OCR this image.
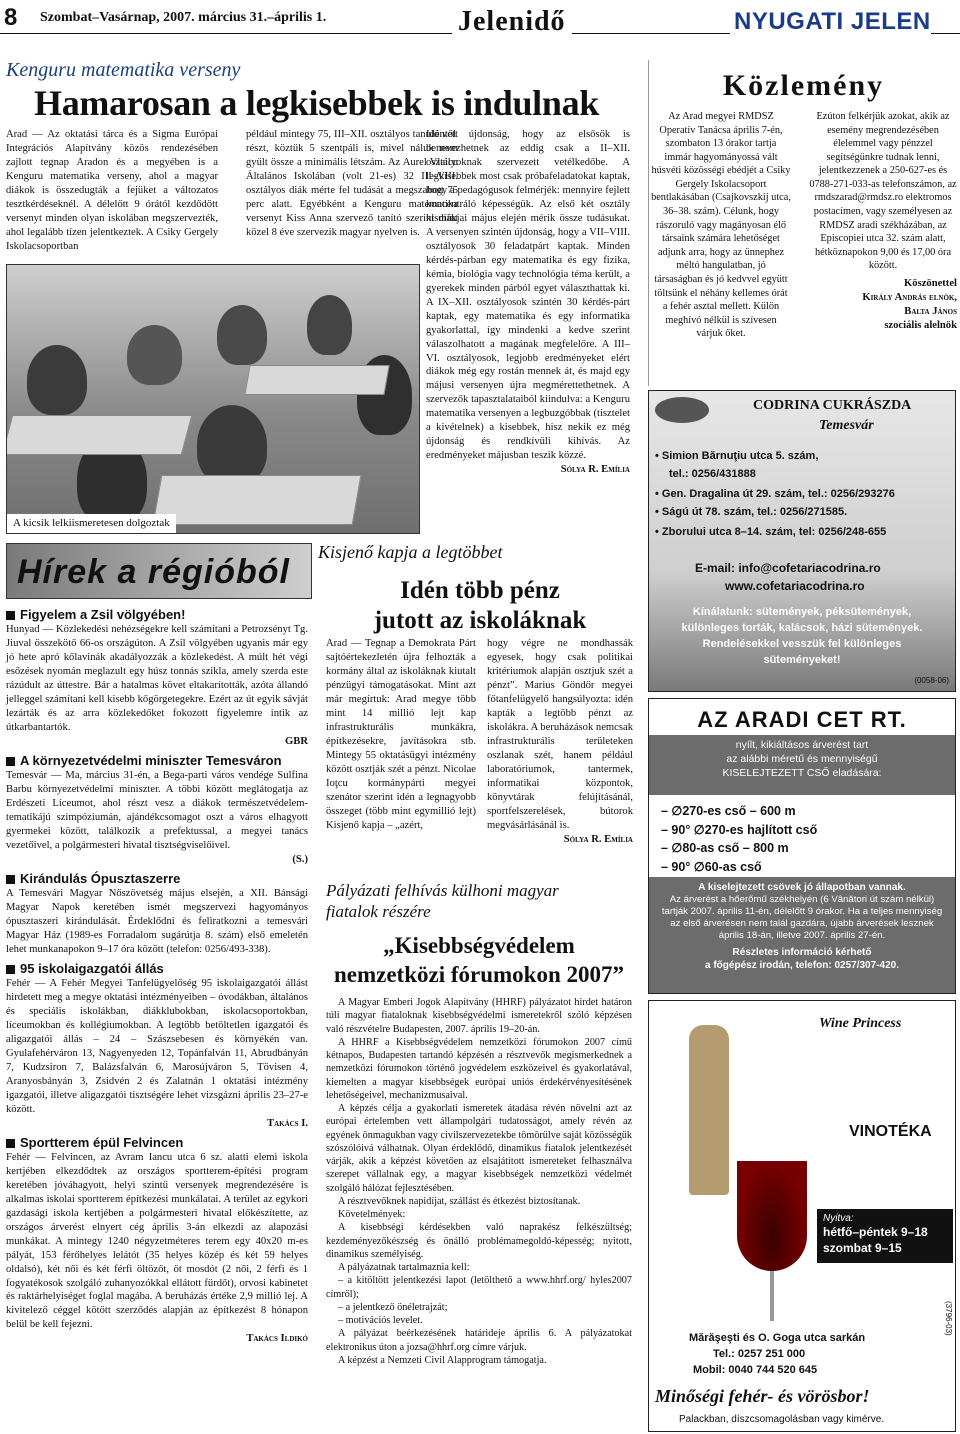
8 Szombat–Vasárnap, 2007. március 31.–április 1.	Jelenidő	NYUGATI JELEN
Kenguru matematika verseny
Hamarosan a legkisebbek is indulnak

Arad — Az oktatási tárca és a Sigma Európai Integrációs Alapítvány közös rendezésében zajlott tegnap Aradon és a megyében is a Kenguru matematika verseny, ahol a magyar diákok is összedugták a fejüket a változatos tesztkérdéseknél. A délelőtt 9 órától kezdődött versenyt minden olyan iskolában megszervezték, ahol legalább tízen jelentkeztek. A Csiky Gergely Iskolacsoportban

például mintegy 75, III–XII. osztályos tanuló vett részt, köztük 5 szentpáli is, mivel náluk nem gyűlt össze a minimális létszám. Az Aurel Vlaicu Általános Iskolában (volt 21-es) 32 III–VIII. osztályos diák mérte fel tudását a megszabott 75 perc alatt. Egyébként a Kenguru matematika versenyt Kiss Anna szervező tanító szerint mint közel 8 éve szervezik magyar nyelven is.

Idéntől újdonság, hogy az elsősök is benevezhetnek az eddig csak a II–XII. osztályoknak szervezett vetélkedőbe. A legkisebbek most csak próbafeladatokat kaptak, hogy a pedagógusok felmérjék: mennyire fejlett koncentráló képességük. Az első két osztály kisdiákjai május elején mérik össze tudásukat. A versenyen szintén újdonság, hogy a VII–VIII. osztályosok 30 feladatpárt kaptak. Minden kérdés-párban egy matematika és egy fizika, kémia, biológia vagy technológia téma került, a gyerekek minden párból egyet választhattak ki. A IX–XII. osztályosok szintén 30 kérdés-párt kaptak, egy matematika és egy informatika gyakorlattal, így mindenki a kedve szerint válaszolhatott a magának megfelelőre. A III–VI. osztályosok, legjobb eredményeket elért diákok még egy rostán mennek át, és majd egy májusi versenyen újra megmérettethetnek. A szervezők tapasztalataiból kiindulva: a Kenguru matematika versenyen a legbuzgóbbak (tisztelet a kivételnek) a kisebbek, hisz nekik ez még újdonság és rendkívüli kihívás. Az eredményeket májusban teszik közzé.

Sólya R. Emília
A kicsik lelkiismeretesen dolgoztak
Közlemény

Az Arad megyei RMDSZ Operatív Tanácsa április 7-én, szombaton 13 órakor tartja immár hagyományossá vált húsvéti közösségi ebédjét a Csiky Gergely Iskolacsoport bentlakásában (Csajkovszkij utca, 36–38. szám). Célunk, hogy rászoruló vagy magányosan élő társaink számára lehetőséget adjunk arra, hogy az ünnephez méltó hangulatban, jó társaságban és jó kedvvel együtt töltsünk el néhány kellemes órát a fehér asztal mellett. Külön meghívó nélkül is szívesen várjuk őket.

Ezúton felkérjük azokat, akik az esemény megrendezésében élelemmel vagy pénzzel segítségünkre tudnak lenni, jelentkezzenek a 250-627-es és 0788-271-033-as telefonszámon, az rmdszarad@rmdsz.ro elektromos postacímen, vagy személyesen az RMDSZ aradi székházában, az Episcopiei utca 32. szám alatt, hétköznapokon 9,00 és 17,00 óra között.

Köszönettel
Király András elnök,
Balta János
szociális alelnök
Hírek a régióból
Figyelem a Zsil völgyében!

Hunyad — Közlekedési nehézségekre kell számítani a Petrozsényt Tg. Jiuval összekötő 66-os országúton. A Zsil völgyében ugyanis már egy jó hete apró kőlavinák akadályozzák a közlekedést. A múlt hét végi esőzések nyomán meglazult egy húsz tonnás szikla, amely szerda este rázúdult az úttestre. Bár a hatalmas követ eltakarították, azóta állandó jelleggel számítani kell kisebb kőgörgetegekre. Ezért az út egyik sávját lezárták és az arra közlekedőket fokozott figyelemre intik az útkarbantartók.

GBR
A környezetvédelmi miniszter Temesváron

Temesvár — Ma, március 31-én, a Bega-parti város vendége Sulfina Barbu környezetvédelmi miniszter. A többi között meglátogatja az Erdészeti Líceumot, ahol részt vesz a diákok természetvédelem-tematikájú szimpóziumán, ajándékcsomagot oszt a város elhagyott gyermekei között, találkozik a prefektussal, a megyei tanács vezetőivel, a polgármesteri hivatal tisztségviselőivel.

(S.)
Kirándulás Ópusztaszerre

A Temesvári Magyar Nőszövetség május elsején, a XII. Bánsági Magyar Napok keretében ismét megszervezi hagyományos ópusztaszeri kirándulását. Érdeklődni és feliratkozni a temesvári Magyar Ház (1989-es Forradalom sugárútja 8. szám) első emeletén lehet munkanapokon 9–17 óra között (telefon: 0256/493-338).

95 iskolaigazgatói állás

Fehér — A Fehér Megyei Tanfelügyelőség 95 iskolaigazgatói állást hirdetett meg a megye oktatási intézményeiben – óvodákban, általános és speciális iskolákban, diákklubokban, iskolacsoportokban, líceumokban és kollégiumokban. A legtöbb betöltetlen igazgatói és aligazgatói állás – 24 – Szászsebesen és környékén van. Gyulafehérváron 13, Nagyenyeden 12, Topánfalván 11, Abrudbányán 7, Kudzsiron 7, Balázsfalván 6, Marosújváron 5, Tövisen 4, Aranyosbányán 3, Zsidvén 2 és Zalatnán 1 oktatási intézmény igazgatói, illetve aligazgatói tisztségére lehet vizsgázni április 23–27-e között.

Takács I.
Sportterem épül Felvincen

Fehér — Felvincen, az Avram Iancu utca 6 sz. alatti elemi iskola kertjében elkezdődtek az országos sportterem-építési program keretében jóváhagyott, helyi szintű versenyek megrendezésére is alkalmas iskolai sportterem építkezési munkálatai. A terület az egykori gazdasági iskola kertjében a polgármesteri hivatal előkészítette, az országos árverést elnyert cég április 3-án elkezdi az alapozási munkákat. A mintegy 1240 négyzetméteres terem egy 40x20 m-es pályát, 153 férőhelyes lelátót (35 helyes közép és két 59 helyes oldalsó), két női és két férfi öltözőt, öt mosdót (2 női, 2 férfi és 1 fogyatékosok szolgáló zuhanyozókkal ellátott fürdőt), orvosi kabinetet és raktárhelyiséget foglal magába. A beruházás értéke 2,9 millió lej. A kivitelező céggel kötött szerződés alapján az építkezést 8 hónapon belül be kell fejezni.

Takács Ildikó
Kisjenő kapja a legtöbbet
Idén több pénz
jutott az iskoláknak

Arad — Tegnap a Demokrata Párt sajtóértekezletén újra felhozták a kormány által az iskoláknak kiutalt pénzügyi támogatásokat. Mint azt már megírtuk: Arad megye több mint 14 millió lejt kap infrastrukturális munkákra, építkezésekre, javításokra stb. Mintegy 55 oktatásügyi intézmény között osztják szét a pénzt. Nicolae Ioţcu kormánypárti megyei szenátor szerint idén a legnagyobb összeget (több mint egymillió lejt) Kisjenő kapja – „azért,

hogy végre ne mondhassák egyesek, hogy csak politikai kritériumok alapján osztjuk szét a pénzt”. Marius Göndör megyei főtanfelügyelő hangsúlyozta: idén kapták a legtöbb pénzt az iskolákra. A beruházások nemcsak infrastrukturális területeken oszlanak szét, hanem például laboratóriumok, tantermek, informatikai központok, könyvtárak felújításánál, sportfelszerelések, bútorok megvásárlásánál is.

Sólya R. Emília
Pályázati felhívás külhoni magyar
fiatalok részére
„Kisebbségvédelem
nemzetközi fórumokon 2007”

A Magyar Emberi Jogok Alapítvány (HHRF) pályázatot hirdet határon túli magyar fiataloknak kisebbségvédelmi ismeretekről szóló képzésen való részvételre Budapesten, 2007. április 19–20-án.

A HHRF a Kisebbségvédelem nemzetközi fórumokon 2007 című kétnapos, Budapesten tartandó képzésén a résztvevők megismerkednek a nemzetközi fórumokon történő jogvédelem eszközeivel és gyakorlatával, kiemelten a magyar kisebbségek európai uniós érdekérvényesítésének lehetőségeivel, mechanizmusaival.

A képzés célja a gyakorlati ismeretek átadása révén növelni azt az európai értelemben vett állampolgári tudatosságot, amely révén az egyének önmagukban vagy civilszervezetekbe tömörülve saját közösségük szószólóivá válhatnak. Olyan érdeklődő, dinamikus fiatalok jelentkezését várják, akik a képzést követően az elsajátított ismereteket felhasználva szerepet vállalnak egy, a magyar kisebbségek nemzetközi védelmét szolgáló hálózat fejlesztésében.

A résztvevőknek napidíjat, szállást és étkezést biztosítanak.

Követelmények:

A kisebbségi kérdésekben való naprakész felkészültség; kezdeményezőkészség és önálló problémamegoldó-képesség; nyitott, dinamikus személyiség.

A pályázatnak tartalmaznia kell:

– a kitöltött jelentkezési lapot (letölthető a www.hhrf.org/ hyles2007 címről);

– a jelentkező önéletrajzát;

– motivációs levelet.

A pályázat beérkezésének határideje április 6. A pályázatokat elektronikus úton a jozsa@hhrf.org címre várjuk.

A képzést a Nemzeti Civil Alapprogram támogatja.

CODRINA CUKRÁSZDA
Temesvár
• Simion Bărnuţiu utca 5. szám,
tel.: 0256/431888
• Gen. Dragalina út 29. szám, tel.: 0256/293276
• Ságú út 78. szám, tel.: 0256/271585.
• Zborului utca 8–14. szám, tel: 0256/248-655
E-mail: info@cofetariacodrina.ro
www.cofetariacodrina.ro
Kínálatunk: sütemények, péksütemények,
különleges torták, kalácsok, házi sütemények.
Rendelésekkel vesszük fel különleges
süteményeket!
(0058-06)
AZ ARADI CET RT.
nyílt, kikiáltásos árverést tart
az alábbi méretű és mennyiségű
KISELEJTEZETT CSŐ eladására:
– ∅270-es cső – 600 m
– 90° ∅270-es hajlított cső
– ∅80-as cső – 800 m
– 90° ∅60-as cső
A kiselejtezett csövek jó állapotban vannak.
Az árverést a hőerőmű székhelyén (6 Vânători út szám nélkül) tartják 2007. április 11-én, délelőtt 9 órakor. Ha a teljes mennyiség az első árverésen nem talál gazdára, újabb árverések lesznek április 18-án, illetve 2007. április 27-én.
Részletes információ kérhető
a főgépész irodán, telefon: 0257/307-420.
Wine Princess
VINOTÉKA
Nyitva:
hétfő–péntek 9–18
szombat 9–15
Mărăşeşti és O. Goga utca sarkán
Tel.: 0257 251 000
Mobil: 0040 744 520 645
Minőségi fehér- és vörösbor!
Palackban, díszcsomagolásban vagy kimérve.
(3796-03)
